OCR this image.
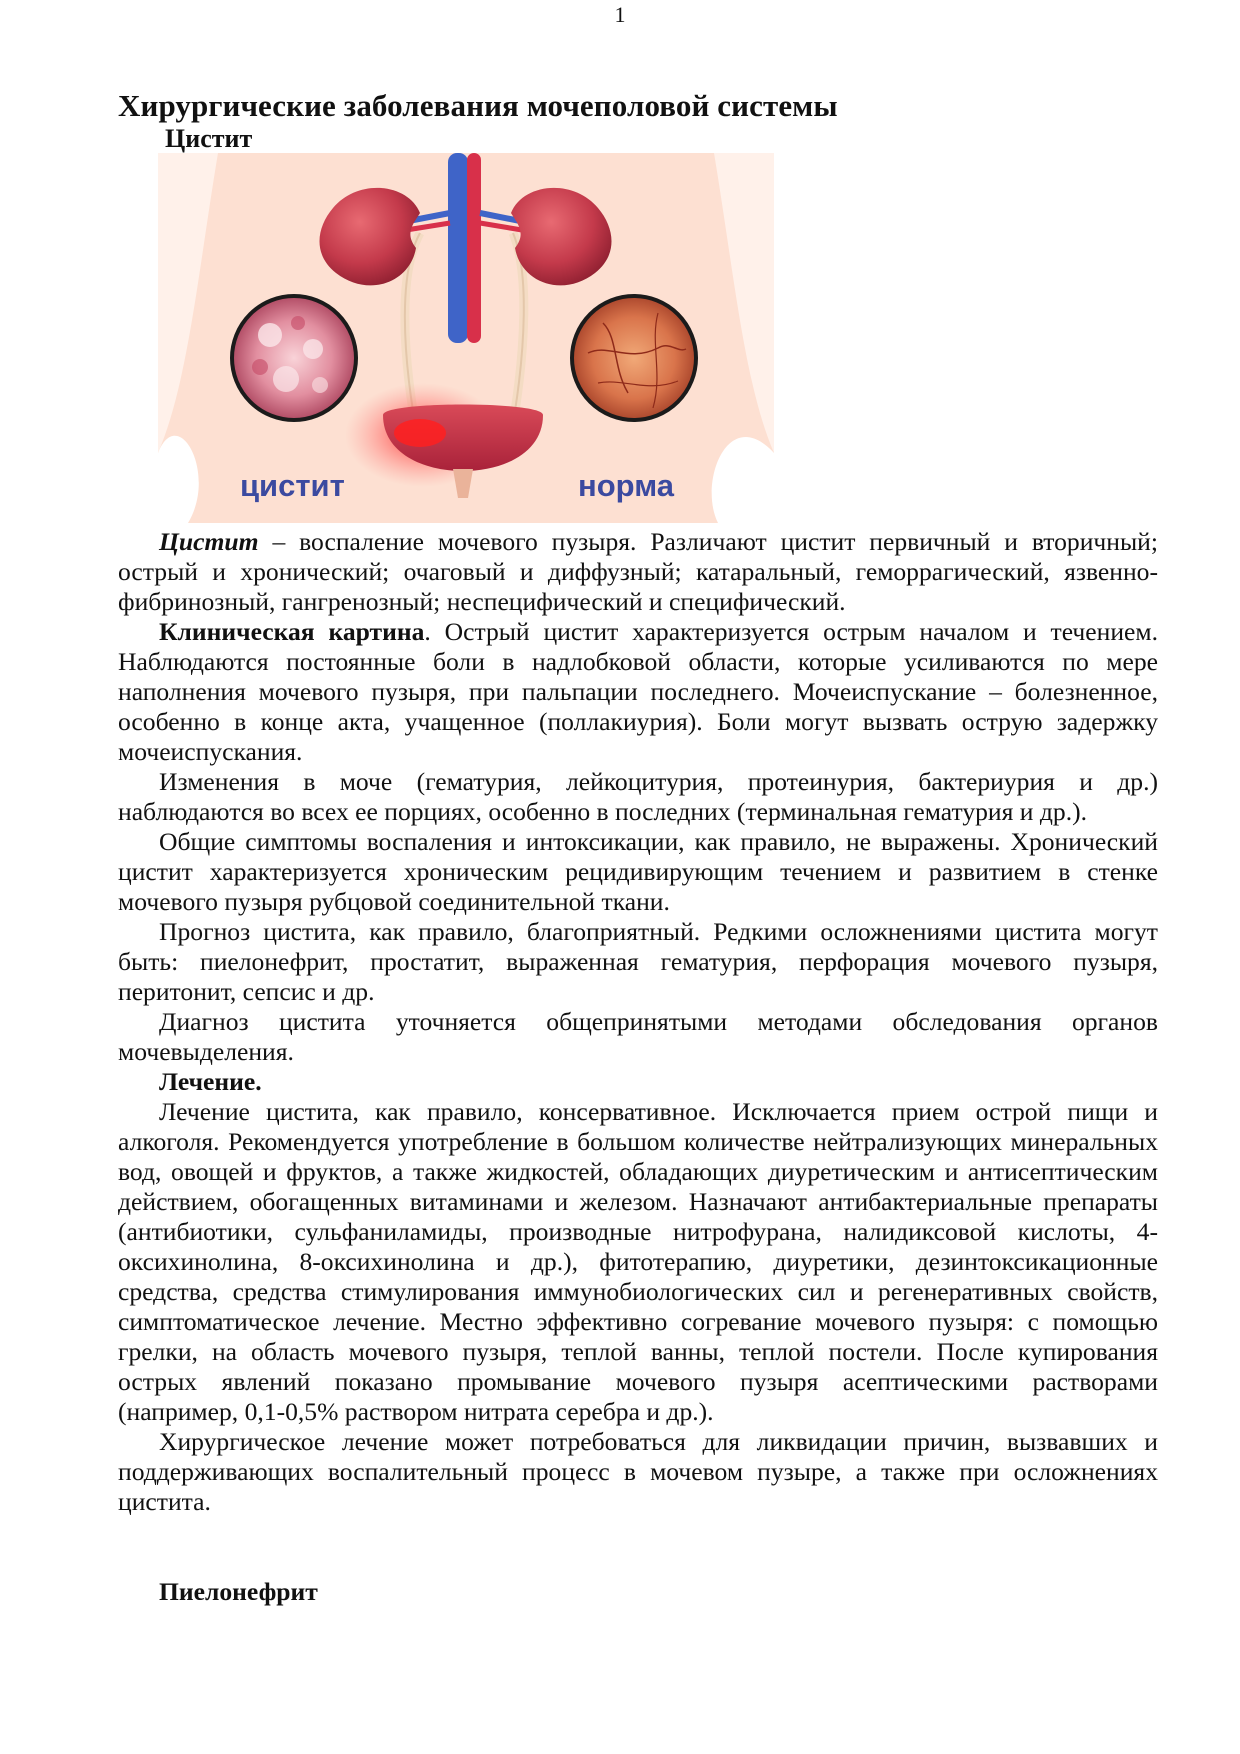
1
Хирургические заболевания мочеполовой системы
Цистит
цистит	норма

Цистит – воспаление мочевого пузыря. Различают цистит первичный и вторичный; острый и хронический; очаговый и диффузный; катаральный, геморрагический, язвенно-фибринозный, гангренозный; неспецифический и специфический.

Клиническая картина. Острый цистит характеризуется острым началом и течением. Наблюдаются постоянные боли в надлобковой области, которые усиливаются по мере наполнения мочевого пузыря, при пальпации последнего. Мочеиспускание – болезненное, особенно в конце акта, учащенное (поллакиурия). Боли могут вызвать острую задержку мочеиспускания.

Изменения в моче (гематурия, лейкоцитурия, протеинурия, бактериурия и др.) наблюдаются во всех ее порциях, особенно в последних (терминальная гематурия и др.).

Общие симптомы воспаления и интоксикации, как правило, не выражены. Хронический цистит характеризуется хроническим рецидивирующим течением и развитием в стенке мочевого пузыря рубцовой соединительной ткани.

Прогноз цистита, как правило, благоприятный. Редкими осложнениями цистита могут быть: пиелонефрит, простатит, выраженная гематурия, перфорация мочевого пузыря, перитонит, сепсис и др.

Диагноз цистита уточняется общепринятыми методами обследования органов мочевыделения.

Лечение.

Лечение цистита, как правило, консервативное. Исключается прием острой пищи и алкоголя. Рекомендуется употребление в большом количестве нейтрализующих минеральных вод, овощей и фруктов, а также жидкостей, обладающих диуретическим и антисептическим действием, обогащенных витаминами и железом. Назначают антибактериальные препараты (антибиотики, сульфаниламиды, производные нитрофурана, налидиксовой кислоты, 4-оксихинолина, 8-оксихинолина и др.), фитотерапию, диуретики, дезинтоксикационные средства, средства стимулирования иммунобиологических сил и регенеративных свойств, симптоматическое лечение. Местно эффективно согревание мочевого пузыря: с помощью грелки, на область мочевого пузыря, теплой ванны, теплой постели. После купирования острых явлений показано промывание мочевого пузыря асептическими растворами (например, 0,1-0,5% раствором нитрата серебра и др.).

Хирургическое лечение может потребоваться для ликвидации причин, вызвавших и поддерживающих воспалительный процесс в мочевом пузыре, а также при осложнениях цистита.

Пиелонефрит
